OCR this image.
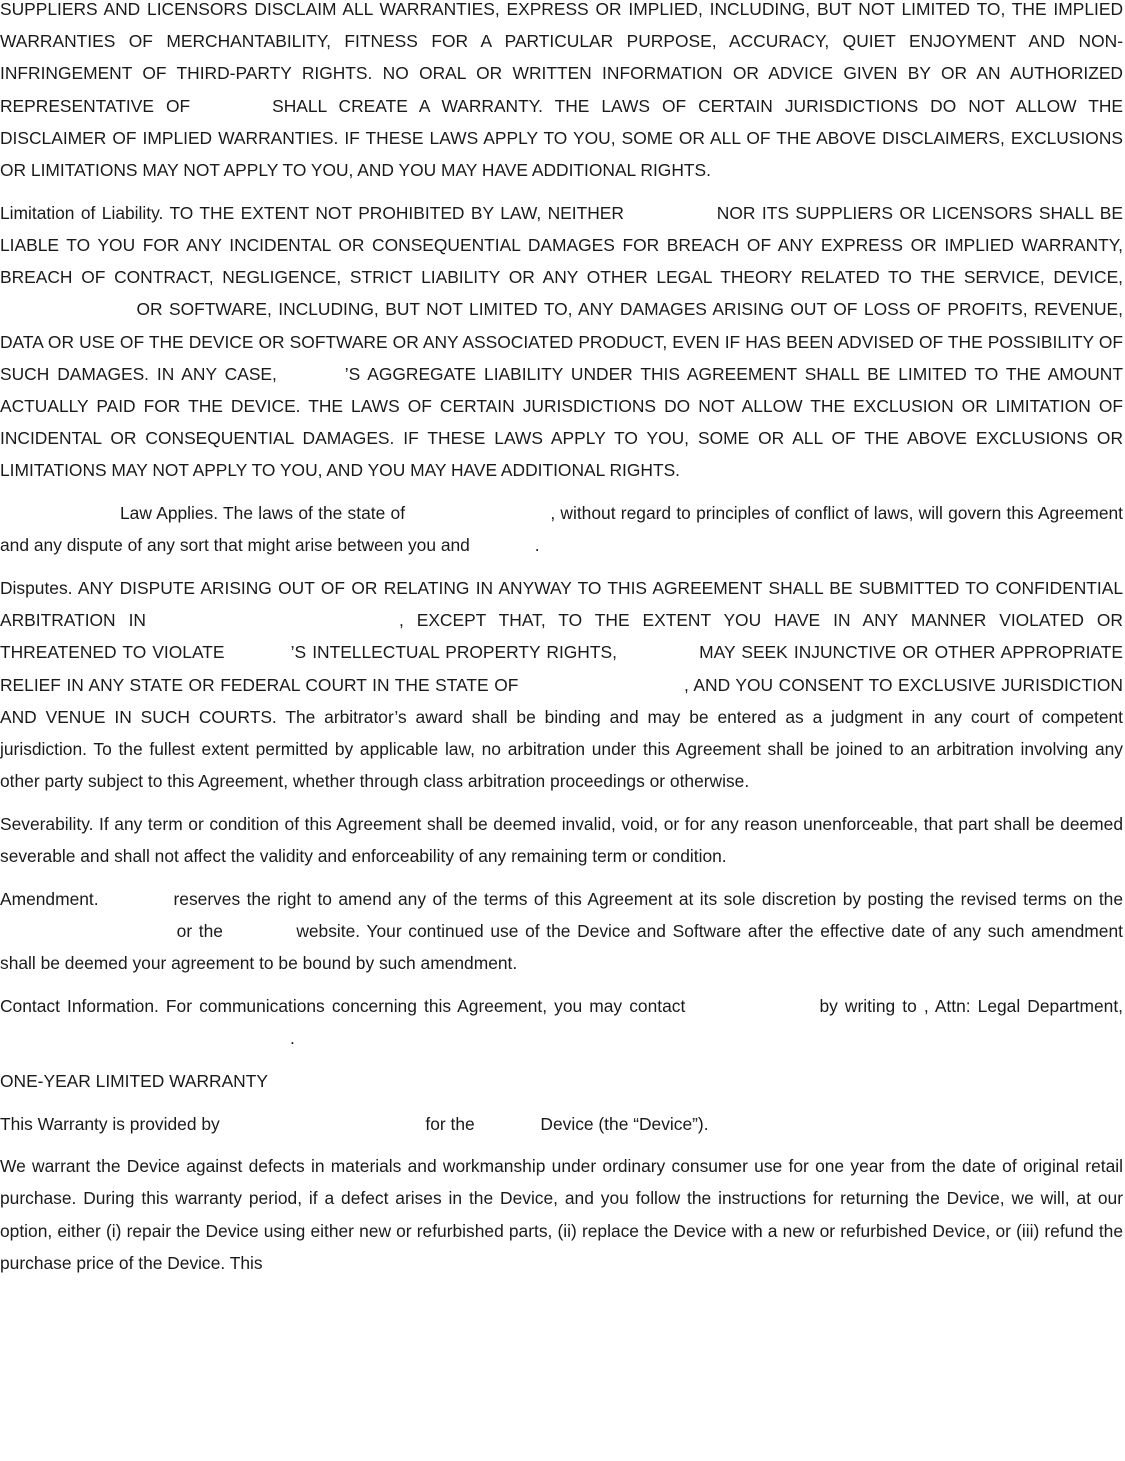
SUPPLIERS AND LICENSORS DISCLAIM ALL WARRANTIES, EXPRESS OR IMPLIED, INCLUDING, BUT NOT LIMITED TO, THE IMPLIED WARRANTIES OF MERCHANTABILITY, FITNESS FOR A PARTICULAR PURPOSE, ACCURACY, QUIET ENJOYMENT AND NON-INFRINGEMENT OF THIRD-PARTY RIGHTS. NO ORAL OR WRITTEN INFORMATION OR ADVICE GIVEN BY OR AN AUTHORIZED REPRESENTATIVE OF	SHALL CREATE A WARRANTY. THE LAWS OF CERTAIN JURISDICTIONS DO NOT ALLOW THE DISCLAIMER OF IMPLIED WARRANTIES. IF THESE LAWS APPLY TO YOU, SOME OR ALL OF THE ABOVE DISCLAIMERS, EXCLUSIONS OR LIMITATIONS MAY NOT APPLY TO YOU, AND YOU MAY HAVE ADDITIONAL RIGHTS.

Limitation of Liability. TO THE EXTENT NOT PROHIBITED BY LAW, NEITHER	NOR ITS SUPPLIERS OR LICENSORS SHALL BE LIABLE TO YOU FOR ANY INCIDENTAL OR CONSEQUENTIAL DAMAGES FOR BREACH OF ANY EXPRESS OR IMPLIED WARRANTY, BREACH OF CONTRACT, NEGLIGENCE, STRICT LIABILITY OR ANY OTHER LEGAL THEORY RELATED TO THE SERVICE, DEVICE,  OR SOFTWARE, INCLUDING, BUT NOT LIMITED TO, ANY DAMAGES ARISING OUT OF LOSS OF PROFITS, REVENUE, DATA OR USE OF THE DEVICE OR SOFTWARE OR ANY ASSOCIATED PRODUCT, EVEN IF HAS BEEN ADVISED OF THE POSSIBILITY OF SUCH DAMAGES. IN ANY CASE,	’S AGGREGATE LIABILITY UNDER THIS AGREEMENT SHALL BE LIMITED TO THE AMOUNT ACTUALLY PAID FOR THE DEVICE. THE LAWS OF CERTAIN JURISDICTIONS DO NOT ALLOW THE EXCLUSION OR LIMITATION OF INCIDENTAL OR CONSEQUENTIAL DAMAGES. IF THESE LAWS APPLY TO YOU, SOME OR ALL OF THE ABOVE EXCLUSIONS OR LIMITATIONS MAY NOT APPLY TO YOU, AND YOU MAY HAVE ADDITIONAL RIGHTS.

Law Applies. The laws of the state of	, without regard to principles of conflict of laws, will govern this Agreement and any dispute of any sort that might arise between you and	.

Disputes. ANY DISPUTE ARISING OUT OF OR RELATING IN ANYWAY TO THIS AGREEMENT SHALL BE SUBMITTED TO CONFIDENTIAL ARBITRATION IN	, EXCEPT THAT, TO THE EXTENT YOU HAVE IN ANY MANNER VIOLATED OR THREATENED TO VIOLATE	’S INTELLECTUAL PROPERTY RIGHTS,	MAY SEEK INJUNCTIVE OR OTHER APPROPRIATE RELIEF IN ANY STATE OR FEDERAL COURT IN THE STATE OF	, AND YOU CONSENT TO EXCLUSIVE JURISDICTION AND VENUE IN SUCH COURTS. The arbitrator’s award shall be binding and may be entered as a judgment in any court of competent jurisdiction. To the fullest extent permitted by applicable law, no arbitration under this Agreement shall be joined to an arbitration involving any other party subject to this Agreement, whether through class arbitration proceedings or otherwise.

Severability. If any term or condition of this Agreement shall be deemed invalid, void, or for any reason unenforceable, that part shall be deemed severable and shall not affect the validity and enforceability of any remaining term or condition.

Amendment.	reserves the right to amend any of the terms of this Agreement at its sole discretion by posting the revised terms on the  or the	website. Your continued use of the Device and Software after the effective date of any such amendment shall be deemed your agreement to be bound by such amendment.

Contact Information. For communications concerning this Agreement, you may contact	by writing to , Attn: Legal Department, .

ONE-YEAR LIMITED WARRANTY

This Warranty is provided by	for the	Device (the “Device”).

We warrant the Device against defects in materials and workmanship under ordinary consumer use for one year from the date of original retail purchase. During this warranty period, if a defect arises in the Device, and you follow the instructions for returning the Device, we will, at our option, either (i) repair the Device using either new or refurbished parts, (ii) replace the Device with a new or refurbished Device, or (iii) refund the purchase price of the Device. This
